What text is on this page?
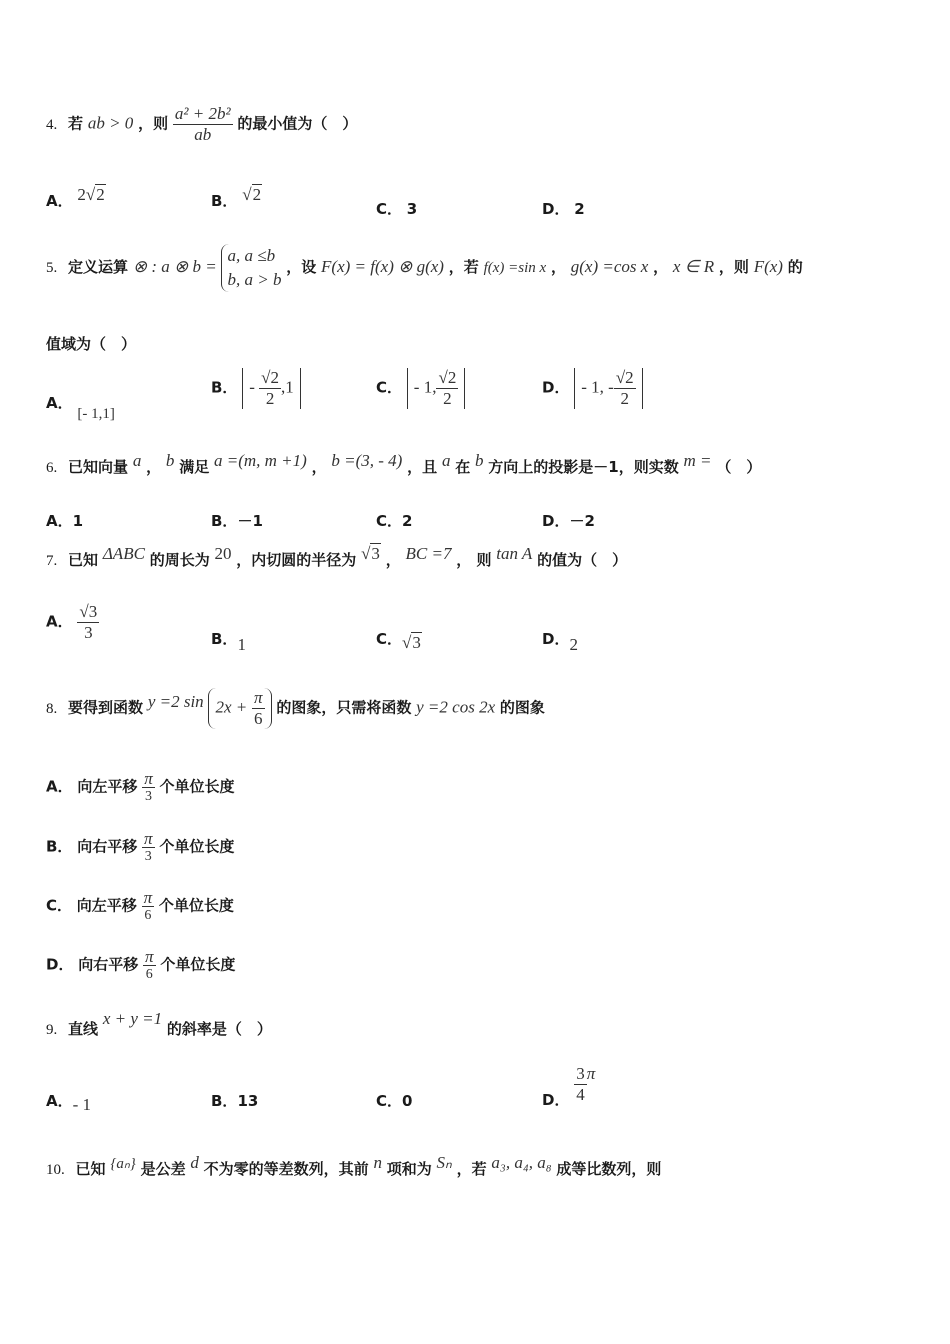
4. 若 ab > 0 ，则 $\frac{\text{a² + 2b²}}{ab}$ 的最小值为（　）
A． 2√2	B． √2
C． 3	D． 2
5. 定义运算 ⊗ : a ⊗ b =
a, a ≤b
b, a > b
，设 F(x) = f(x) ⊗ g(x) ，若 f(x) =sin x ， g(x) =cos x ， x ∈ R ，则 F(x) 的
值域为（　）
A． [- 1,1]
B． - $\frac{√2}{2} ,1$	C． - 1, $\frac{√2}{2}$	D． - 1, - $\frac{√2}{2}$
6. 已知向量 a ， b 满足 a =(m, m +1) ， b =(3, - 4) ，且 a 在 b 方向上的投影是－1，则实数 m = （　）
A．1	B．－1	C．2	D．－2
7. 已知 ΔABC 的周长为 20 ，内切圆的半径为 √3 ， BC =7 ， 则 tan A 的值为（　）
A． $\frac{√3}{3}$	B．1	C．√3	D．2
8. 要得到函数 y =2 $\sin 2x + \frac{\pi}{6}$ 的图象，只需将函数 y =2 cos 2x 的图象
A． 向左平移 $\frac{\pi}{3}$ 个单位长度
B． 向右平移 $\frac{\pi}{3}$ 个单位长度
C． 向左平移 $\frac{\pi}{6}$ 个单位长度
D． 向右平移 $\frac{\pi}{6}$ 个单位长度
9. 直线 x + y =1 的斜率是（　）
A．- 1	B．13	C．0	D． $\frac{3}{4}$ π
10. 已知 {aₙ} 是公差 d 不为零的等差数列，其前 n 项和为 Sₙ ，若 a₃, a₄, a₈ 成等比数列，则
